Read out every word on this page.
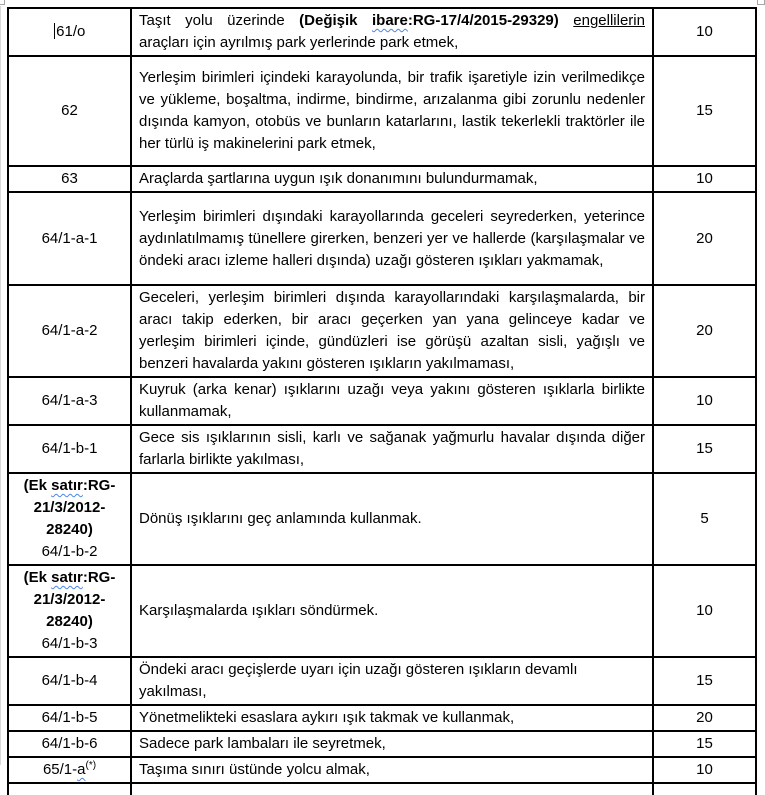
61/o	Taşıt yolu üzerinde (Değişik ibare:RG-17/4/2015-29329) engellilerin araçları için ayrılmış park yerlerinde park etmek,	10
62	Yerleşim birimleri içindeki karayolunda, bir trafik işaretiyle izin verilmedikçe ve yükleme, boşaltma, indirme, bindirme, arızalanma gibi zorunlu nedenler dışında kamyon, otobüs ve bunların katarlarını, lastik tekerlekli traktörler ile her türlü iş makinelerini park etmek,	15
63	Araçlarda şartlarına uygun ışık donanımını bulundurmamak,	10
64/1-a-1	Yerleşim birimleri dışındaki karayollarında geceleri seyrederken, yeterince aydınlatılmamış tünellere girerken, benzeri yer ve hallerde (karşılaşmalar ve öndeki aracı izleme halleri dışında) uzağı gösteren ışıkları yakmamak,	20
64/1-a-2	Geceleri, yerleşim birimleri dışında karayollarındaki karşılaşmalarda, bir aracı takip ederken, bir aracı geçerken yan yana gelinceye kadar ve yerleşim birimleri içinde, gündüzleri ise görüşü azaltan sisli, yağışlı ve benzeri havalarda yakını gösteren ışıkların yakılmaması,	20
64/1-a-3	Kuyruk (arka kenar) ışıklarını uzağı veya yakını gösteren ışıklarla birlikte kullanmamak,	10
64/1-b-1	Gece sis ışıklarının sisli, karlı ve sağanak yağmurlu havalar dışında diğer farlarla birlikte yakılması,	15
(Ek satır:RG-21/3/2012-28240)
64/1-b-2	Dönüş ışıklarını geç anlamında kullanmak.	5
(Ek satır:RG-21/3/2012-28240)
64/1-b-3	Karşılaşmalarda ışıkları söndürmek.	10
64/1-b-4	Öndeki aracı geçişlerde uyarı için uzağı gösteren ışıkların devamlı yakılması,	15
64/1-b-5	Yönetmelikteki esaslara aykırı ışık takmak ve kullanmak,	20
64/1-b-6	Sadece park lambaları ile seyretmek,	15
65/1-a(*)	Taşıma sınırı üstünde yolcu almak,	10
